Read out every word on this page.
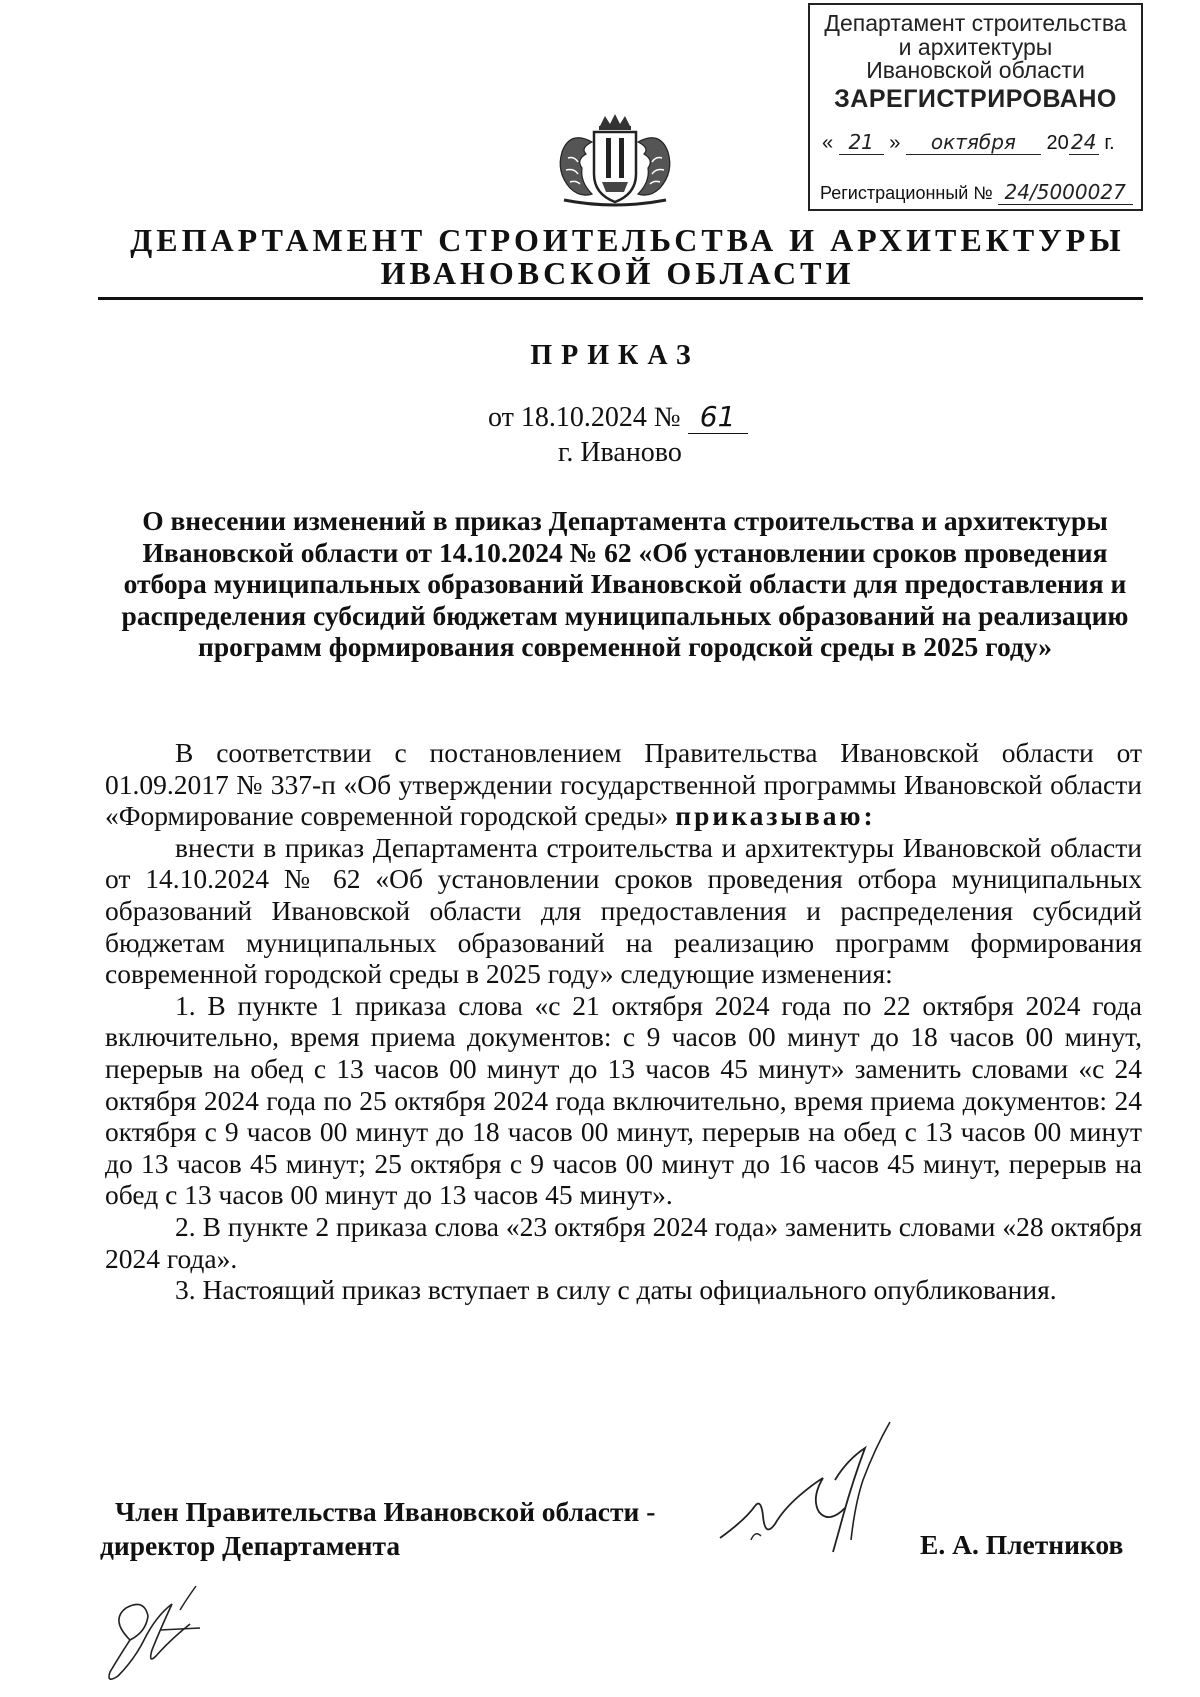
Департамент строительства
и архитектуры
Ивановской области
ЗАРЕГИСТРИРОВАНО
« 21 » октября 20 24 г.
Регистрационный № 24/5000027
ДЕПАРТАМЕНТ СТРОИТЕЛЬСТВА И АРХИТЕКТУРЫ
ИВАНОВСКОЙ ОБЛАСТИ
ПРИКАЗ
от 18.10.2024 № 61
г. Иваново
О внесении изменений в приказ Департамента строительства и архитектуры Ивановской области от 14.10.2024 № 62 «Об установлении сроков проведения отбора муниципальных образований Ивановской области для предоставления и распределения субсидий бюджетам муниципальных образований на реализацию программ формирования современной городской среды в 2025 году»

В соответствии с постановлением Правительства Ивановской области от 01.09.2017 № 337-п «Об утверждении государственной программы Ивановской области «Формирование современной городской среды» приказываю:

внести в приказ Департамента строительства и архитектуры Ивановской области от 14.10.2024 № 62 «Об установлении сроков проведения отбора муниципальных образований Ивановской области для предоставления и распределения субсидий бюджетам муниципальных образований на реализацию программ формирования современной городской среды в 2025 году» следующие изменения:

1. В пункте 1 приказа слова «с 21 октября 2024 года по 22 октября 2024 года включительно, время приема документов: с 9 часов 00 минут до 18 часов 00 минут, перерыв на обед с 13 часов 00 минут до 13 часов 45 минут» заменить словами «с 24 октября 2024 года по 25 октября 2024 года включительно, время приема документов: 24 октября с 9 часов 00 минут до 18 часов 00 минут, перерыв на обед с 13 часов 00 минут до 13 часов 45 минут; 25 октября с 9 часов 00 минут до 16 часов 45 минут, перерыв на обед с 13 часов 00 минут до 13 часов 45 минут».

2. В пункте 2 приказа слова «23 октября 2024 года» заменить словами «28 октября 2024 года».

3. Настоящий приказ вступает в силу с даты официального опубликования.

Член Правительства Ивановской области -
директор Департамента	Е. А. Плетников
